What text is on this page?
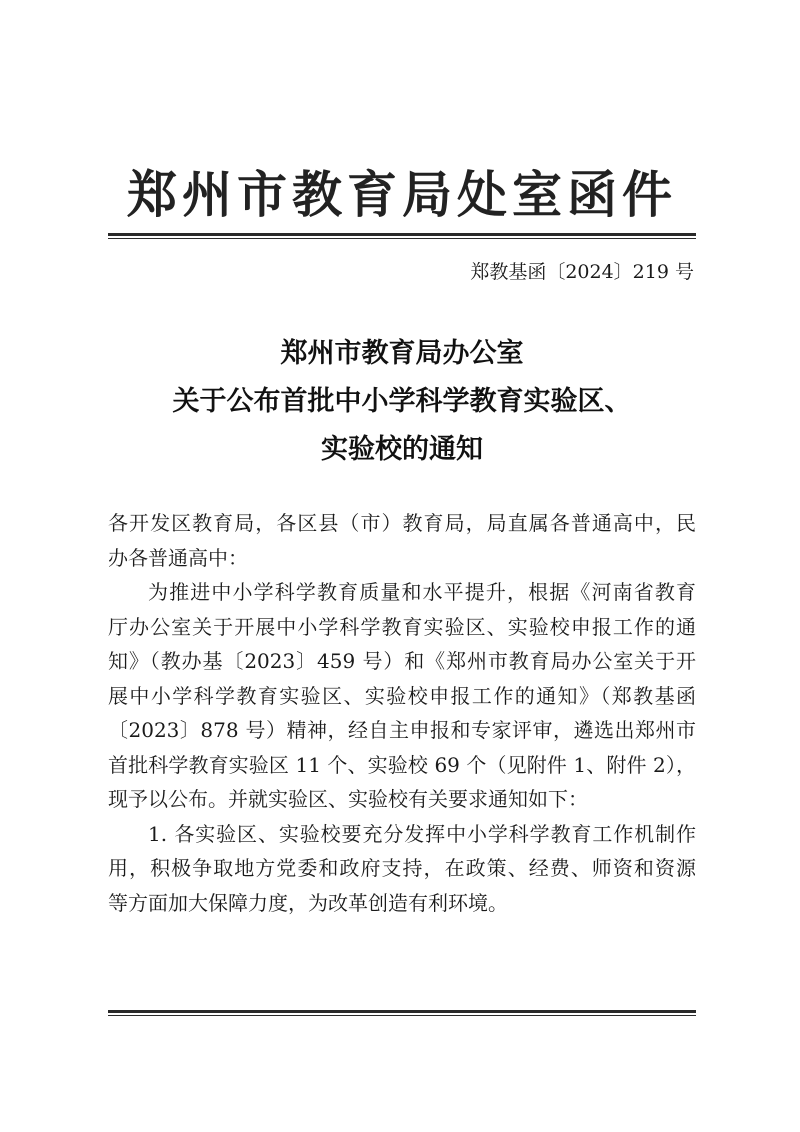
郑州市教育局处室函件
郑教基函〔2024〕219 号
郑州市教育局办公室
关于公布首批中小学科学教育实验区、
实验校的通知
各开发区教育局，各区县（市）教育局，局直属各普通高中，民
办各普通高中：
为推进中小学科学教育质量和水平提升，根据《河南省教育
厅办公室关于开展中小学科学教育实验区、实验校申报工作的通
知》（教办基〔2023〕459 号）和《郑州市教育局办公室关于开
展中小学科学教育实验区、实验校申报工作的通知》（郑教基函
〔2023〕878 号）精神，经自主申报和专家评审，遴选出郑州市
首批科学教育实验区 11 个、实验校 69 个（见附件 1、附件 2），
现予以公布。并就实验区、实验校有关要求通知如下：
1. 各实验区、实验校要充分发挥中小学科学教育工作机制作
用，积极争取地方党委和政府支持，在政策、经费、师资和资源
等方面加大保障力度，为改革创造有利环境。
